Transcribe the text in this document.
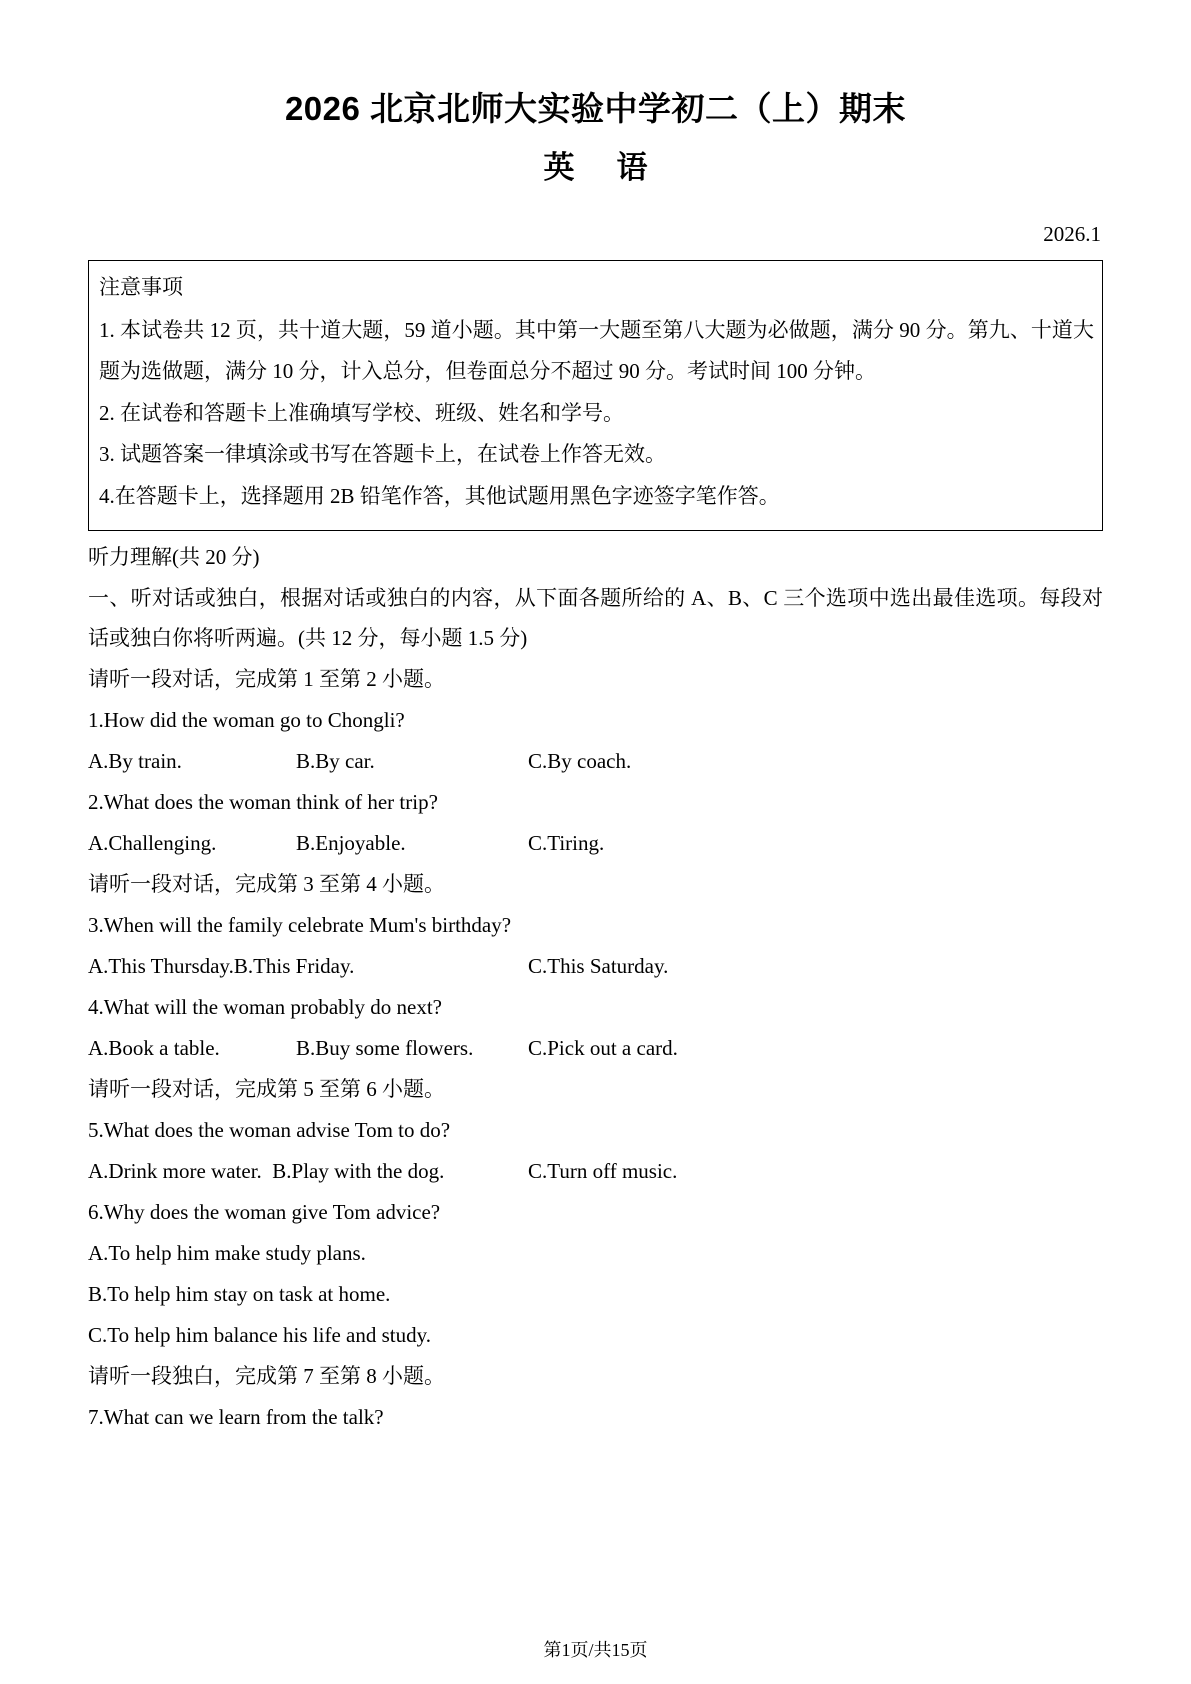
2026 北京北师大实验中学初二（上）期末
英 语
2026.1

注意事项

1. 本试卷共 12 页，共十道大题，59 道小题。其中第一大题至第八大题为必做题，满分 90 分。第九、十道大题为选做题，满分 10 分，计入总分，但卷面总分不超过 90 分。考试时间 100 分钟。

2. 在试卷和答题卡上准确填写学校、班级、姓名和学号。

3. 试题答案一律填涂或书写在答题卡上，在试卷上作答无效。

4.在答题卡上，选择题用 2B 铅笔作答，其他试题用黑色字迹签字笔作答。

听力理解(共 20 分)

一、听对话或独白，根据对话或独白的内容，从下面各题所给的 A、B、C 三个选项中选出最佳选项。每段对话或独白你将听两遍。(共 12 分，每小题 1.5 分)

请听一段对话，完成第 1 至第 2 小题。

1.How did the woman go to Chongli?

A.By train.	B.By car.	C.By coach.

2.What does the woman think of her trip?

A.Challenging.	B.Enjoyable.	C.Tiring.

请听一段对话，完成第 3 至第 4 小题。

3.When will the family celebrate Mum's birthday?

A.This Thursday.B.This Friday.	C.This Saturday.

4.What will the woman probably do next?

A.Book a table.	B.Buy some flowers.	C.Pick out a card.

请听一段对话，完成第 5 至第 6 小题。

5.What does the woman advise Tom to do?

A.Drink more water.  B.Play with the dog.	C.Turn off music.

6.Why does the woman give Tom advice?

A.To help him make study plans.

B.To help him stay on task at home.

C.To help him balance his life and study.

请听一段独白，完成第 7 至第 8 小题。

7.What can we learn from the talk?

第1页/共15页
